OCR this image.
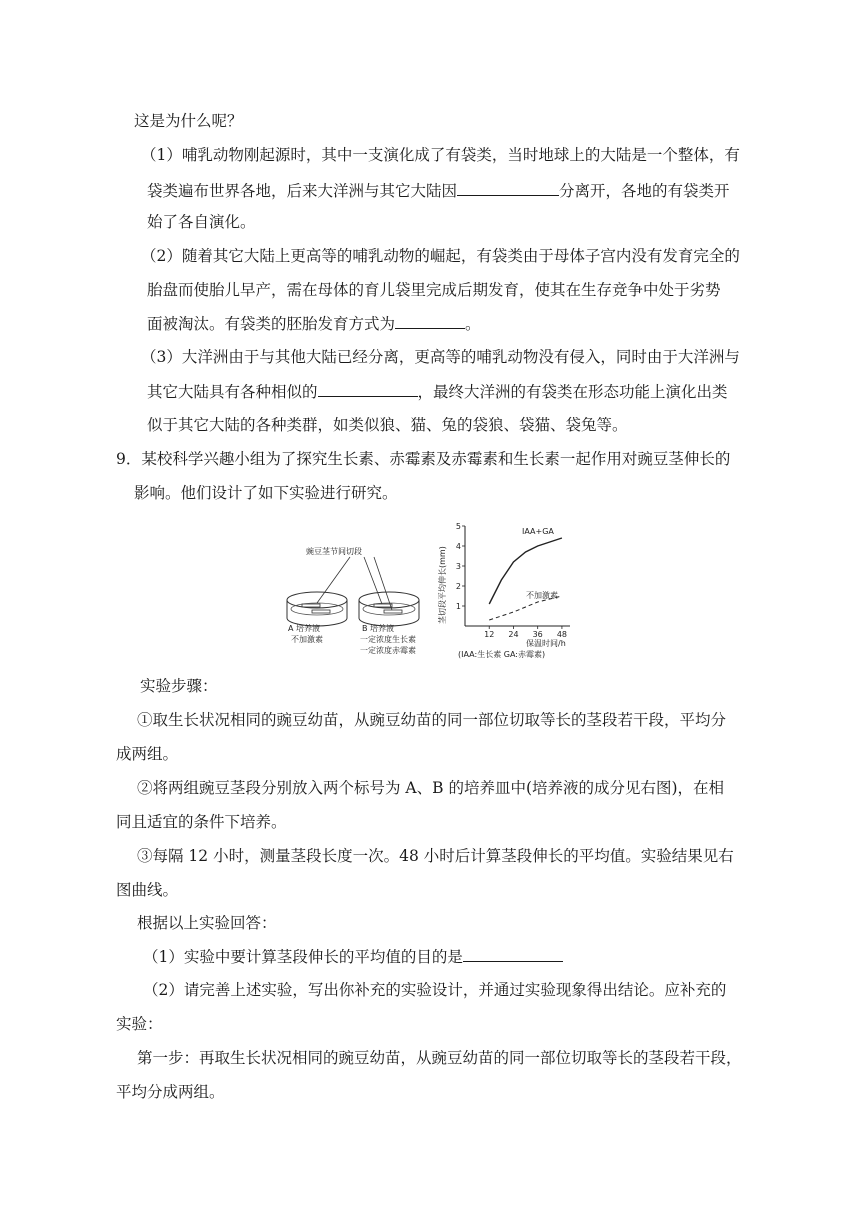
这是为什么呢？
（1）哺乳动物刚起源时，其中一支演化成了有袋类，当时地球上的大陆是一个整体，有
袋类遍布世界各地，后来大洋洲与其它大陆因	分离开，各地的有袋类开
始了各自演化。
（2）随着其它大陆上更高等的哺乳动物的崛起，有袋类由于母体子宫内没有发育完全的
胎盘而使胎儿早产，需在母体的育儿袋里完成后期发育，使其在生存竞争中处于劣势
面被淘汰。有袋类的胚胎发育方式为	。
（3）大洋洲由于与其他大陆已经分离，更高等的哺乳动物没有侵入，同时由于大洋洲与
其它大陆具有各种相似的	，最终大洋洲的有袋类在形态功能上演化出类
似于其它大陆的各种类群，如类似狼、猫、兔的袋狼、袋猫、袋兔等。
9．某校科学兴趣小组为了探究生长素、赤霉素及赤霉素和生长素一起作用对豌豆茎伸长的
影响。他们设计了如下实验进行研究。
豌豆茎节间切段
A 培养液
不加激素
B 培养液
一定浓度生长素
一定浓度赤霉素
12 24 36 48
1
2
3
4
5
茎切段平均伸长(mm)
保温时间/h
IAA+GA
不加激素
(IAA:生长素 GA:赤霉素)
实验步骤：
①取生长状况相同的豌豆幼苗，从豌豆幼苗的同一部位切取等长的茎段若干段，平均分
成两组。
②将两组豌豆茎段分别放入两个标号为 A、B 的培养皿中(培养液的成分见右图)，在相
同且适宜的条件下培养。
③每隔 12 小时，测量茎段长度一次。48 小时后计算茎段伸长的平均值。实验结果见右
图曲线。
根据以上实验回答：
（1）实验中要计算茎段伸长的平均值的目的是
（2）请完善上述实验，写出你补充的实验设计，并通过实验现象得出结论。应补充的
实验：
第一步：再取生长状况相同的豌豆幼苗，从豌豆幼苗的同一部位切取等长的茎段若干段，
平均分成两组。
